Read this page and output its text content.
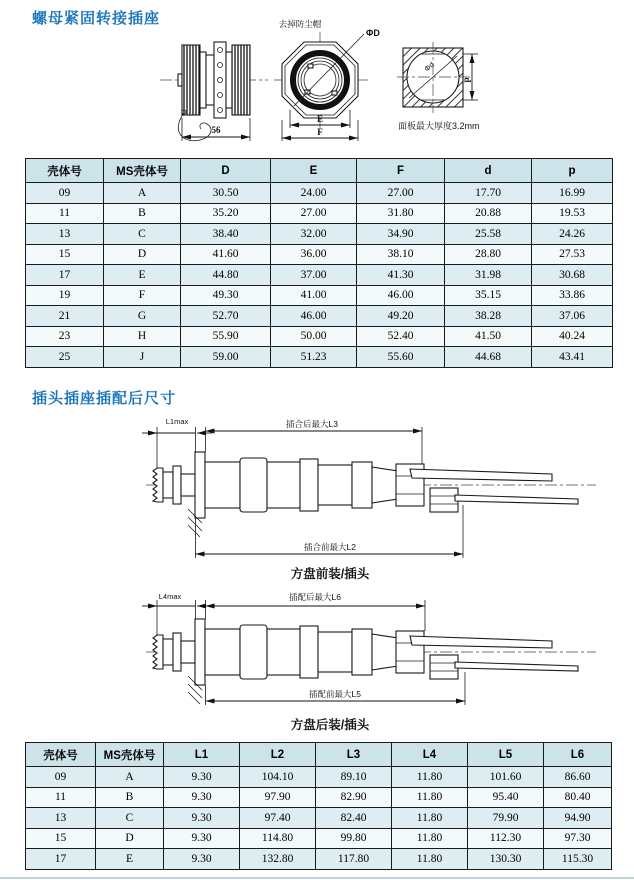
螺母紧固转接插座
56
去掉防尘帽
ΦD
E
F
Φd
p
面板最大厚度3.2mm
壳体号	MS壳体号	D	E	F	d	p
09	A	30.50	24.00	27.00	17.70	16.99
11	B	35.20	27.00	31.80	20.88	19.53
13	C	38.40	32.00	34.90	25.58	24.26
15	D	41.60	36.00	38.10	28.80	27.53
17	E	44.80	37.00	41.30	31.98	30.68
19	F	49.30	41.00	46.00	35.15	33.86
21	G	52.70	46.00	49.20	38.28	37.06
23	H	55.90	50.00	52.40	41.50	40.24
25	J	59.00	51.23	55.60	44.68	43.41
插头插座插配后尺寸
L1max	插合后最大L3
插合前最大L2
方盘前装/插头
L4max	插配后最大L6
插配前最大L5
方盘后装/插头
壳体号	MS壳体号	L1	L2	L3	L4	L5	L6
09	A	9.30	104.10	89.10	11.80	101.60	86.60
11	B	9.30	97.90	82.90	11.80	95.40	80.40
13	C	9.30	97.40	82.40	11.80	79.90	94.90
15	D	9.30	114.80	99.80	11.80	112.30	97.30
17	E	9.30	132.80	117.80	11.80	130.30	115.30
